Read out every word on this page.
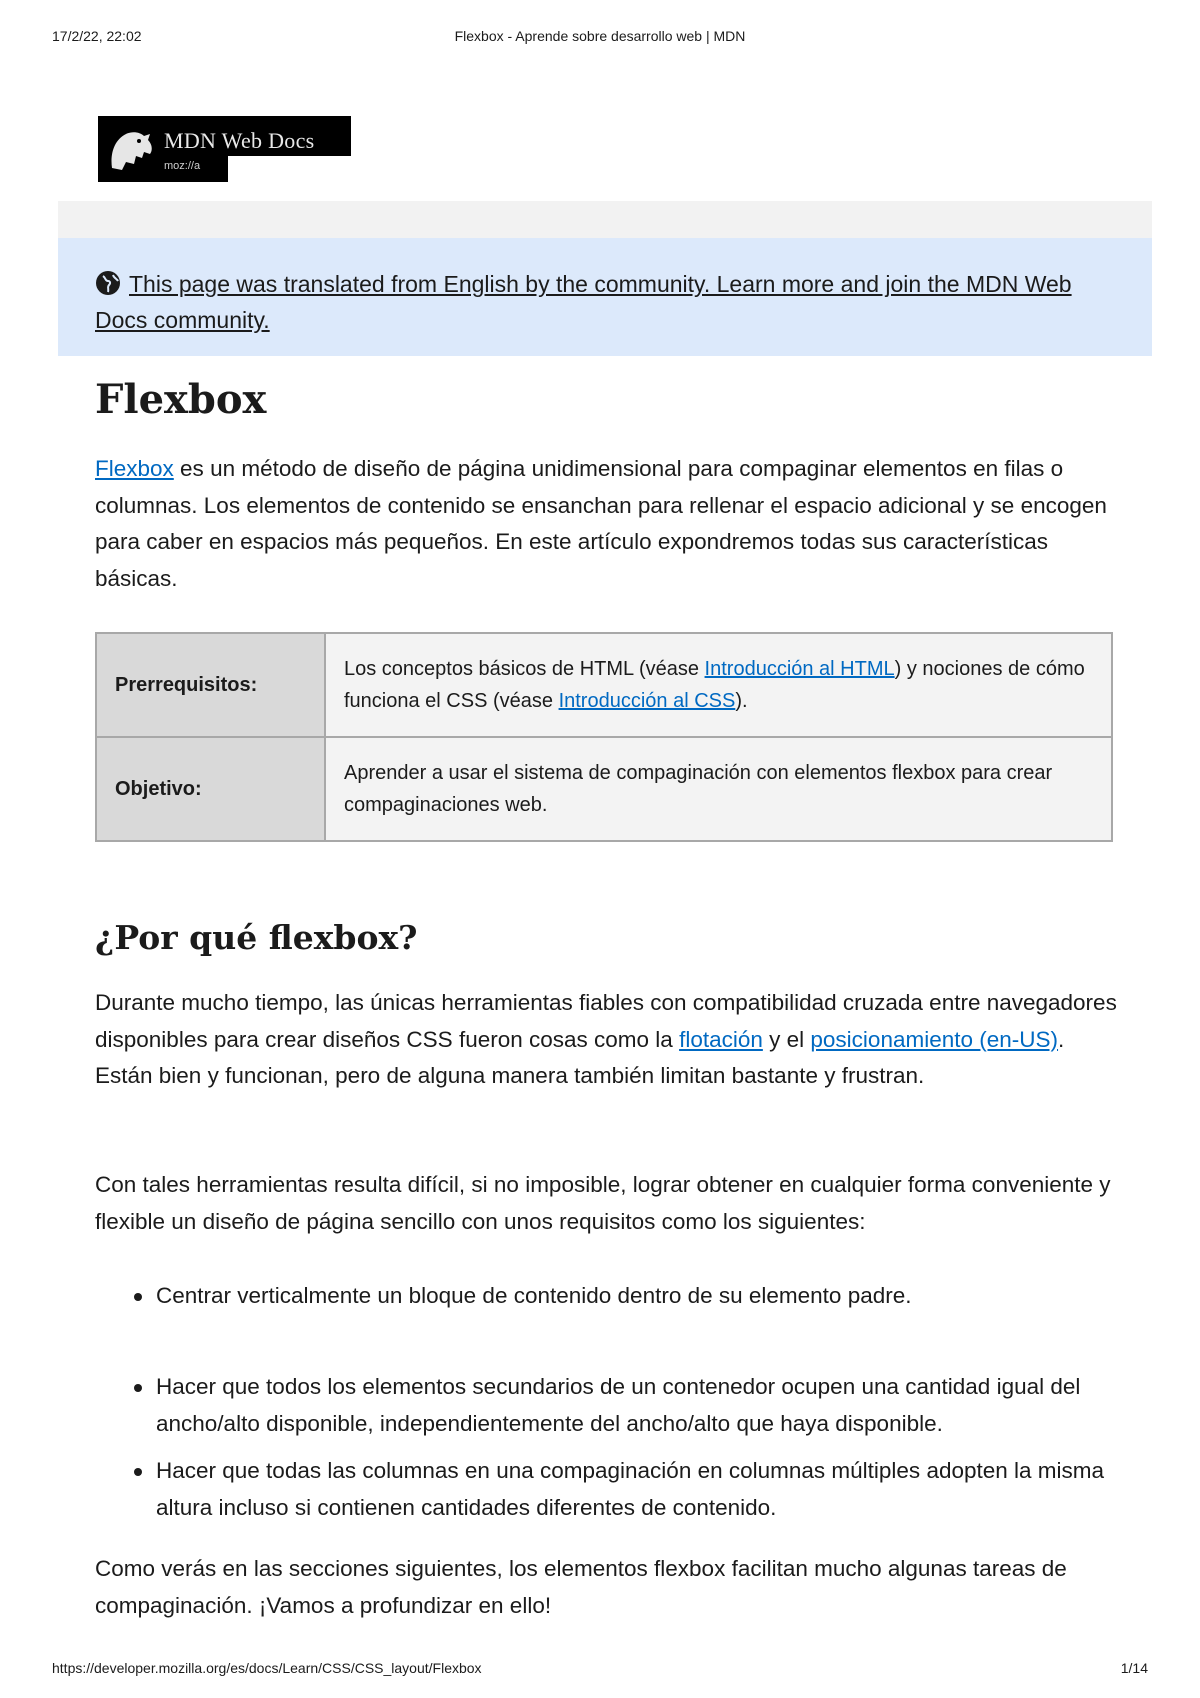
17/2/22, 22:02	Flexbox - Aprende sobre desarrollo web | MDN
MDN Web Docs
moz://a
This page was translated from English by the community. Learn more and join the MDN Web Docs community.
Flexbox

Flexbox es un método de diseño de página unidimensional para compaginar elementos en filas o columnas. Los elementos de contenido se ensanchan para rellenar el espacio adicional y se encogen para caber en espacios más pequeños. En este artículo expondremos todas sus características básicas.

Prerrequisitos:	Los conceptos básicos de HTML (véase Introducción al HTML) y nociones de cómo funciona el CSS (véase Introducción al CSS).
Objetivo:	Aprender a usar el sistema de compaginación con elementos flexbox para crear compaginaciones web.
¿Por qué flexbox?

Durante mucho tiempo, las únicas herramientas fiables con compatibilidad cruzada entre navegadores disponibles para crear diseños CSS fueron cosas como la flotación y el posicionamiento (en-US). Están bien y funcionan, pero de alguna manera también limitan bastante y frustran.

Con tales herramientas resulta difícil, si no imposible, lograr obtener en cualquier forma conveniente y flexible un diseño de página sencillo con unos requisitos como los siguientes:

Centrar verticalmente un bloque de contenido dentro de su elemento padre.
Hacer que todos los elementos secundarios de un contenedor ocupen una cantidad igual del ancho/alto disponible, independientemente del ancho/alto que haya disponible.
Hacer que todas las columnas en una compaginación en columnas múltiples adopten la misma altura incluso si contienen cantidades diferentes de contenido.

Como verás en las secciones siguientes, los elementos flexbox facilitan mucho algunas tareas de compaginación. ¡Vamos a profundizar en ello!

https://developer.mozilla.org/es/docs/Learn/CSS/CSS_layout/Flexbox	1/14
